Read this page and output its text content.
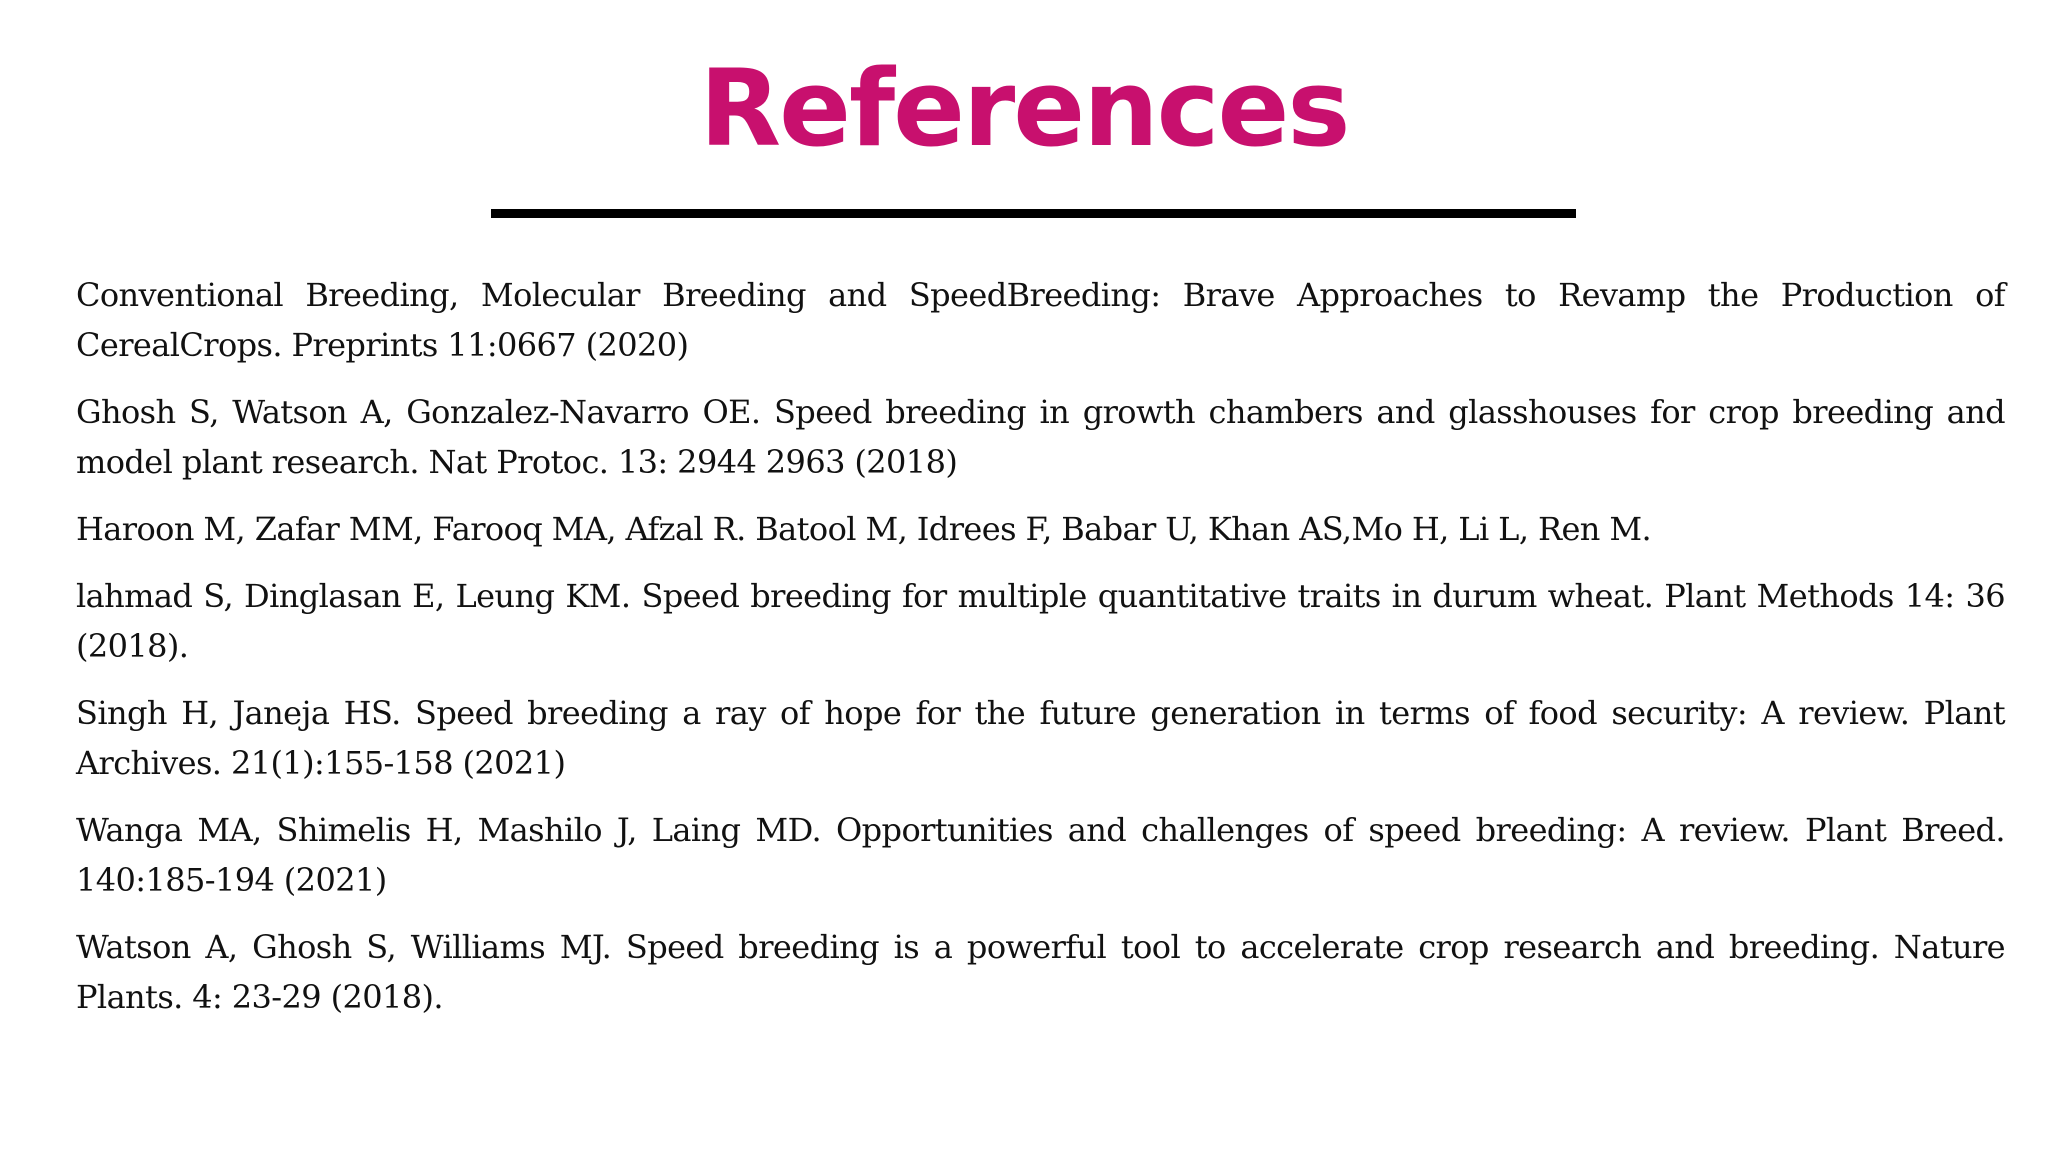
References

Conventional Breeding, Molecular Breeding and SpeedBreeding: Brave Approaches to Revamp the Production of CerealCrops. Preprints 11:0667 (2020)

Ghosh S, Watson A, Gonzalez-Navarro OE. Speed breeding in growth chambers and glasshouses for crop breeding and model plant research. Nat Protoc. 13: 2944 2963 (2018)

Haroon M, Zafar MM, Farooq MA, Afzal R. Batool M, Idrees F, Babar U, Khan AS,Mo H, Li L, Ren M.

lahmad S, Dinglasan E, Leung KM. Speed breeding for multiple quantitative traits in durum wheat. Plant Methods 14: 36 (2018).

Singh H, Janeja HS. Speed breeding a ray of hope for the future generation in terms of food security: A review. Plant Archives. 21(1):155-158 (2021)

Wanga MA, Shimelis H, Mashilo J, Laing MD. Opportunities and challenges of speed breeding: A review. Plant Breed. 140:185-194 (2021)

Watson A, Ghosh S, Williams MJ. Speed breeding is a powerful tool to accelerate crop research and breeding. Nature Plants. 4: 23-29 (2018).
